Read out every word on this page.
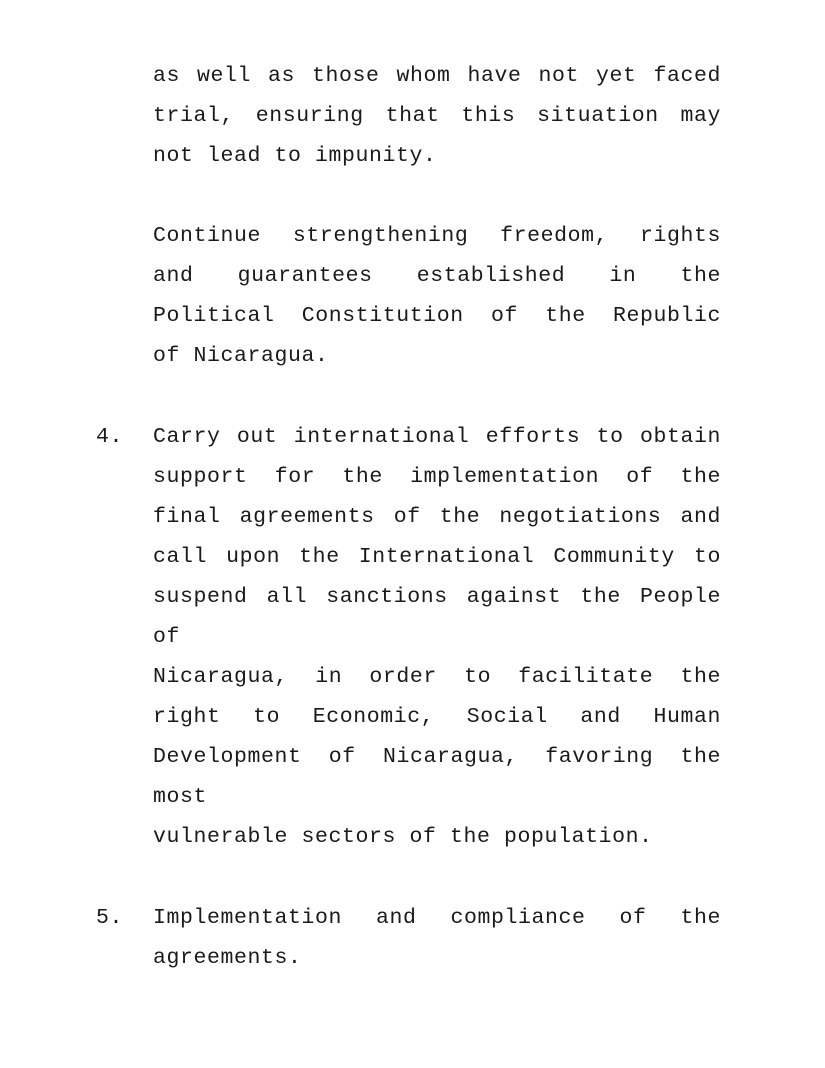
as well as those whom have not yet faced
trial, ensuring that this situation may
not lead to impunity.

Continue strengthening freedom, rights
and guarantees established in the
Political Constitution of the Republic
of Nicaragua.

4.	Carry out international efforts to obtain
support for the implementation of the
final agreements of the negotiations and
call upon the International Community to
suspend all sanctions against the People of
Nicaragua, in order to facilitate the
right to Economic, Social and Human
Development of Nicaragua, favoring the most
vulnerable sectors of the population.

5.	Implementation and compliance of the
agreements.
